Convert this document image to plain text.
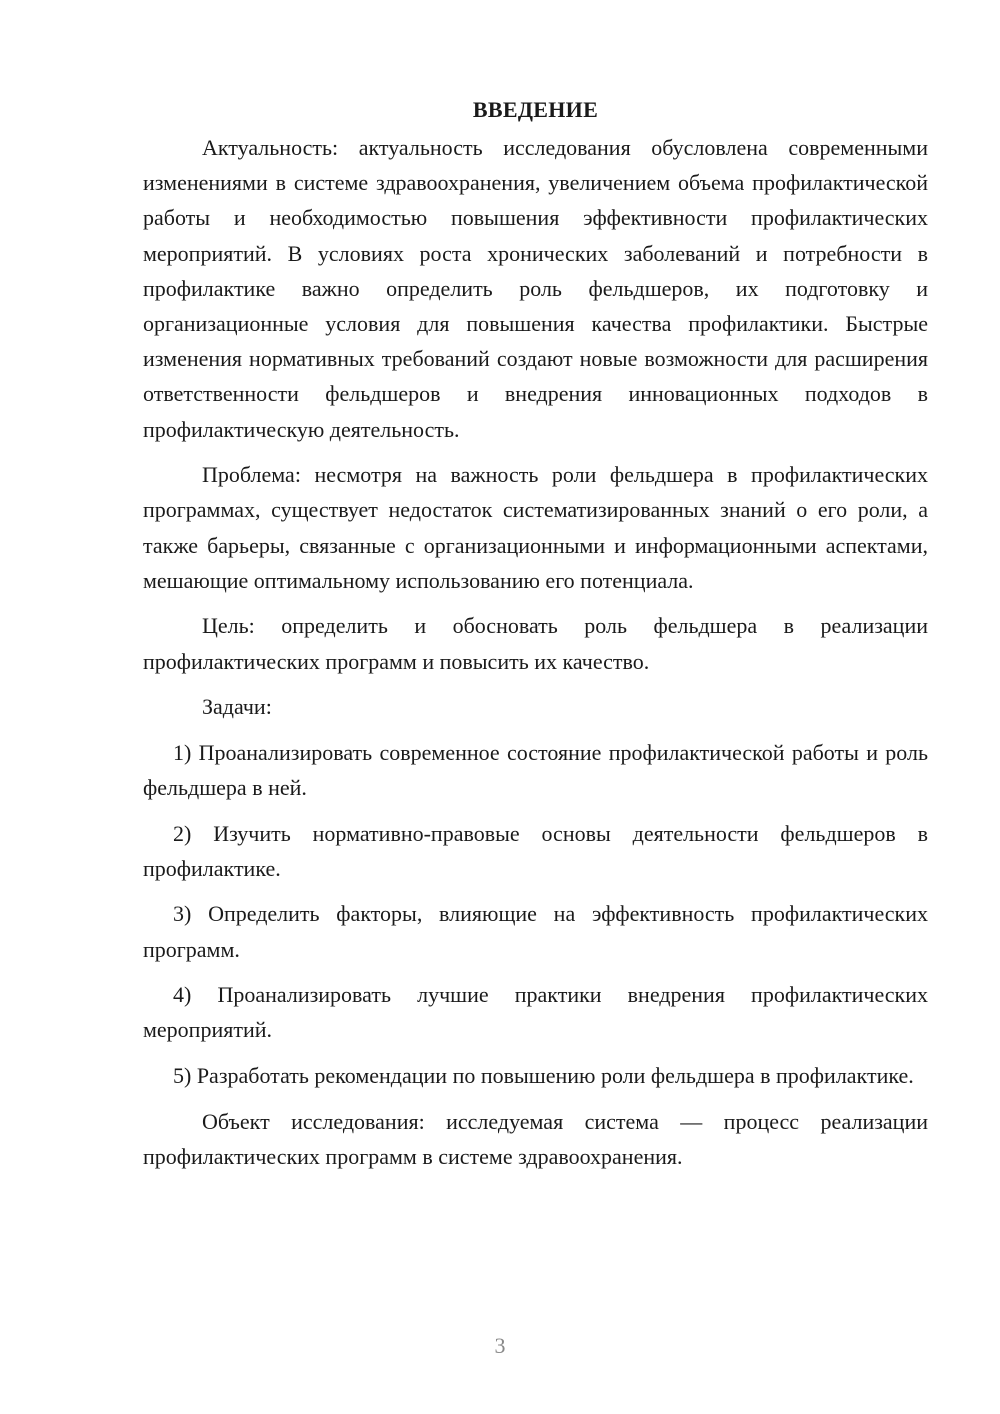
ВВЕДЕНИЕ

Актуальность: актуальность исследования обусловлена современными изменениями в системе здравоохранения, увеличением объема профилактической работы и необходимостью повышения эффективности профилактических мероприятий. В условиях роста хронических заболеваний и потребности в профилактике важно определить роль фельдшеров, их подготовку и организационные условия для повышения качества профилактики. Быстрые изменения нормативных требований создают новые возможности для расширения ответственности фельдшеров и внедрения инновационных подходов в профилактическую деятельность.

Проблема: несмотря на важность роли фельдшера в профилактических программах, существует недостаток систематизированных знаний о его роли, а также барьеры, связанные с организационными и информационными аспектами, мешающие оптимальному использованию его потенциала.

Цель: определить и обосновать роль фельдшера в реализации профилактических программ и повысить их качество.

Задачи:

1) Проанализировать современное состояние профилактической работы и роль фельдшера в ней.

2) Изучить нормативно-правовые основы деятельности фельдшеров в профилактике.

3) Определить факторы, влияющие на эффективность профилактических программ.

4) Проанализировать лучшие практики внедрения профилактических мероприятий.

5) Разработать рекомендации по повышению роли фельдшера в профилактике.

Объект исследования: исследуемая система — процесс реализации профилактических программ в системе здравоохранения.

3
